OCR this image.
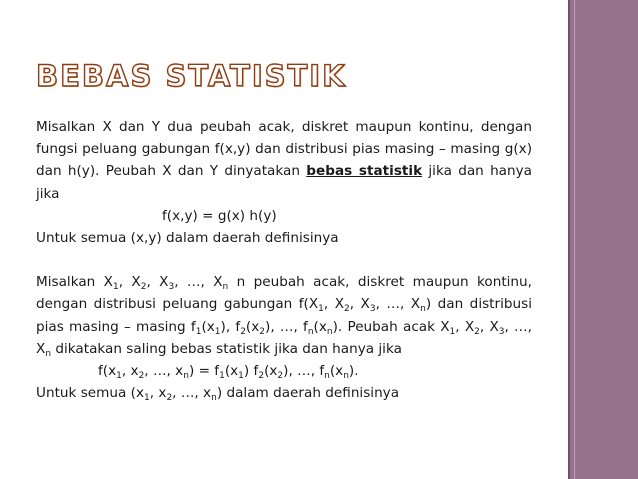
BEBAS STATISTIK

Misalkan X dan Y dua peubah acak, diskret maupun kontinu, dengan fungsi peluang gabungan f(x,y) dan distribusi pias masing – masing g(x) dan h(y). Peubah X dan Y dinyatakan bebas statistik jika dan hanya jika

f(x,y) = g(x) h(y)

Untuk semua (x,y) dalam daerah definisinya

Misalkan $X_1$, $X_2$, $X_3$, …, $X_n$ n peubah acak, diskret maupun kontinu, dengan distribusi peluang gabungan $f(X_1$, $X_2$, $X_3$, …, $X_n$) dan distribusi pias masing – masing $f_1(x_1)$, $f_2(x_2)$, …, $f_n(x_n)$. Peubah acak $X_1$, $X_2$, $X_3$, …, $X_n$ dikatakan saling bebas statistik jika dan hanya jika

$f(x_1$, $x_2$, …, $x_n) = f_1(x_1)$ $f_2(x_2)$, …, $f_n(x_n)$.

Untuk semua ($x_1$, $x_2$, …, $x_n$) dalam daerah definisinya
